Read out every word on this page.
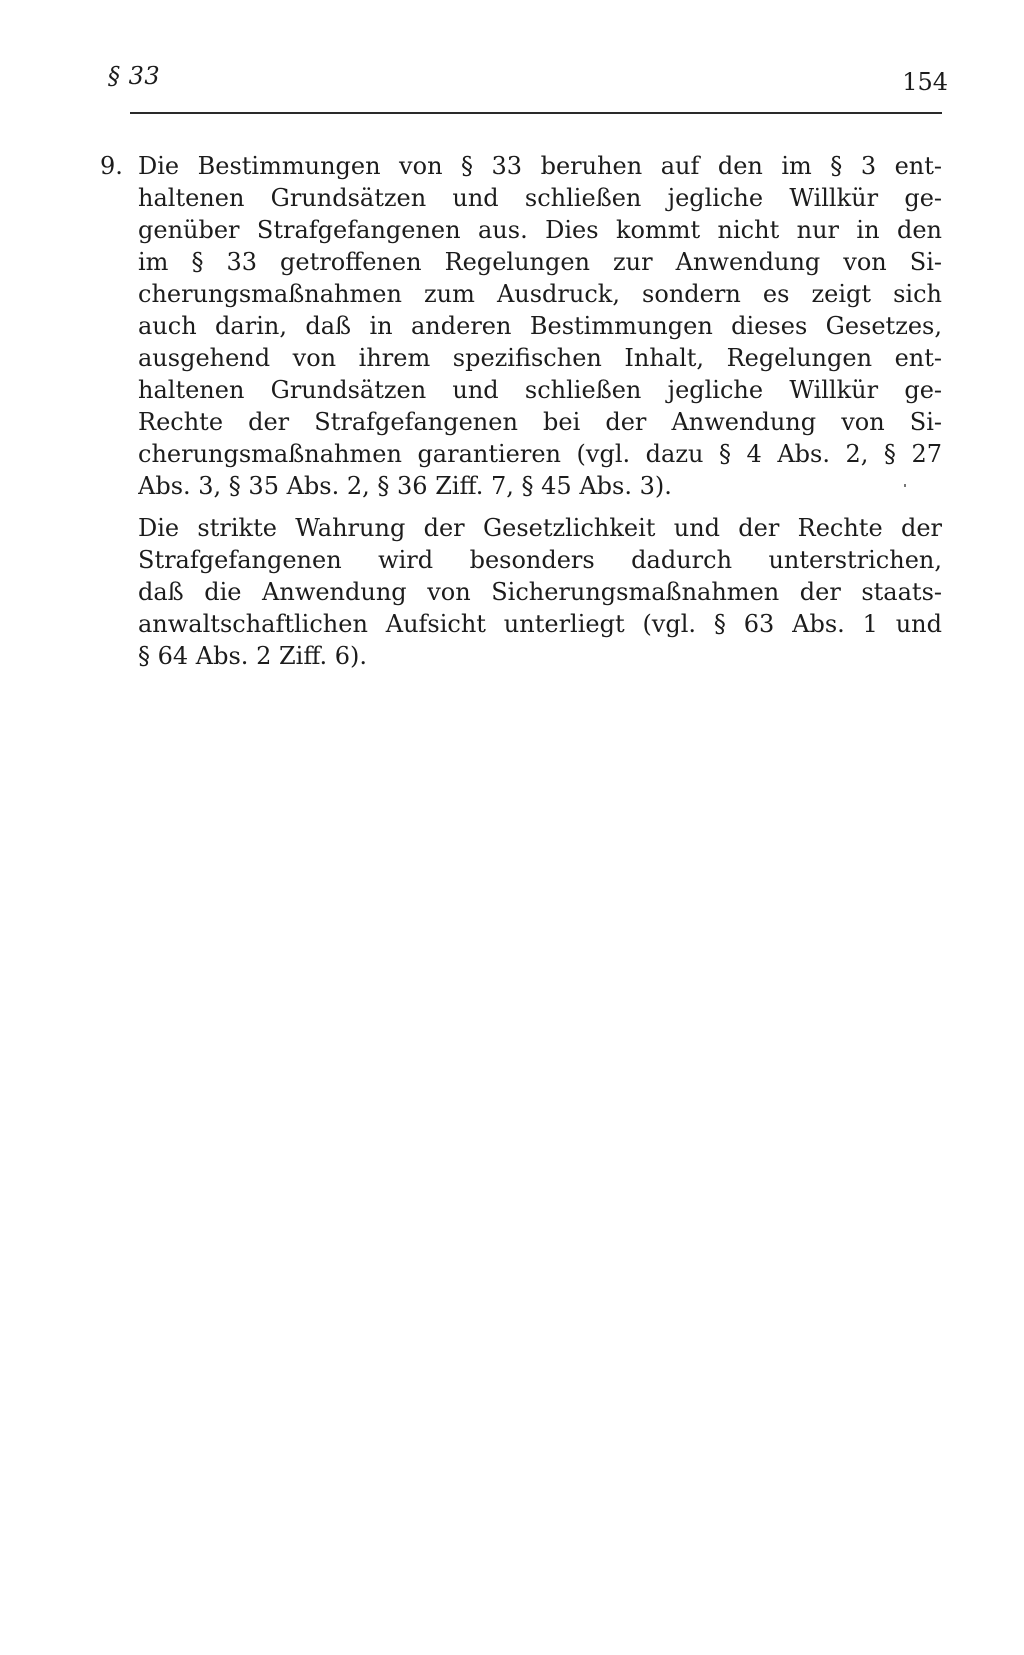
§ 33	154
9. Die Bestimmungen von § 33 beruhen auf den im § 3 ent-
haltenen Grundsätzen und schließen jegliche Willkür ge-
genüber Strafgefangenen aus. Dies kommt nicht nur in den
im § 33 getroffenen Regelungen zur Anwendung von Si-
cherungsmaßnahmen zum Ausdruck, sondern es zeigt sich
auch darin, daß in anderen Bestimmungen dieses Gesetzes,
ausgehend von ihrem spezifischen Inhalt, Regelungen ent-
haltenen Grundsätzen und schließen jegliche Willkür ge-
Rechte der Strafgefangenen bei der Anwendung von Si-
cherungsmaßnahmen garantieren (vgl. dazu § 4 Abs. 2, § 27
Abs. 3, § 35 Abs. 2, § 36 Ziff. 7, § 45 Abs. 3).
Die strikte Wahrung der Gesetzlichkeit und der Rechte der
Strafgefangenen wird besonders dadurch unterstrichen,
daß die Anwendung von Sicherungsmaßnahmen der staats-
anwaltschaftlichen Aufsicht unterliegt (vgl. § 63 Abs. 1 und
§ 64 Abs. 2 Ziff. 6).
